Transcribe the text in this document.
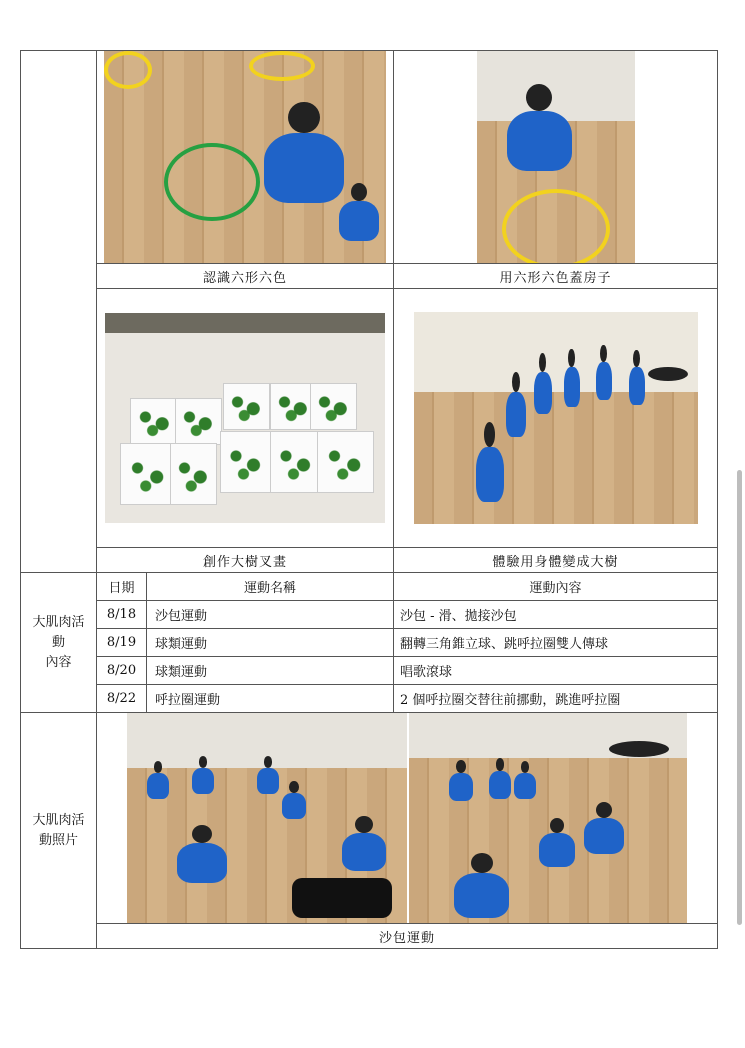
	認識六形六色		用六形六色蓋房子

	創作大樹叉畫		體驗用身體變成大樹
大肌肉活
動
內容	日期	運動名稱	運動內容
	8/18	沙包運動	沙包 - 滑、拋接沙包
	8/19	球類運動	翻轉三角錐立球、跳呼拉圈雙人傳球
	8/20	球類運動	唱歌滾球
	8/22	呼拉圈運動	2 個呼拉圈交替往前挪動，跳進呼拉圈
大肌肉活
動照片			

	沙包運動		
